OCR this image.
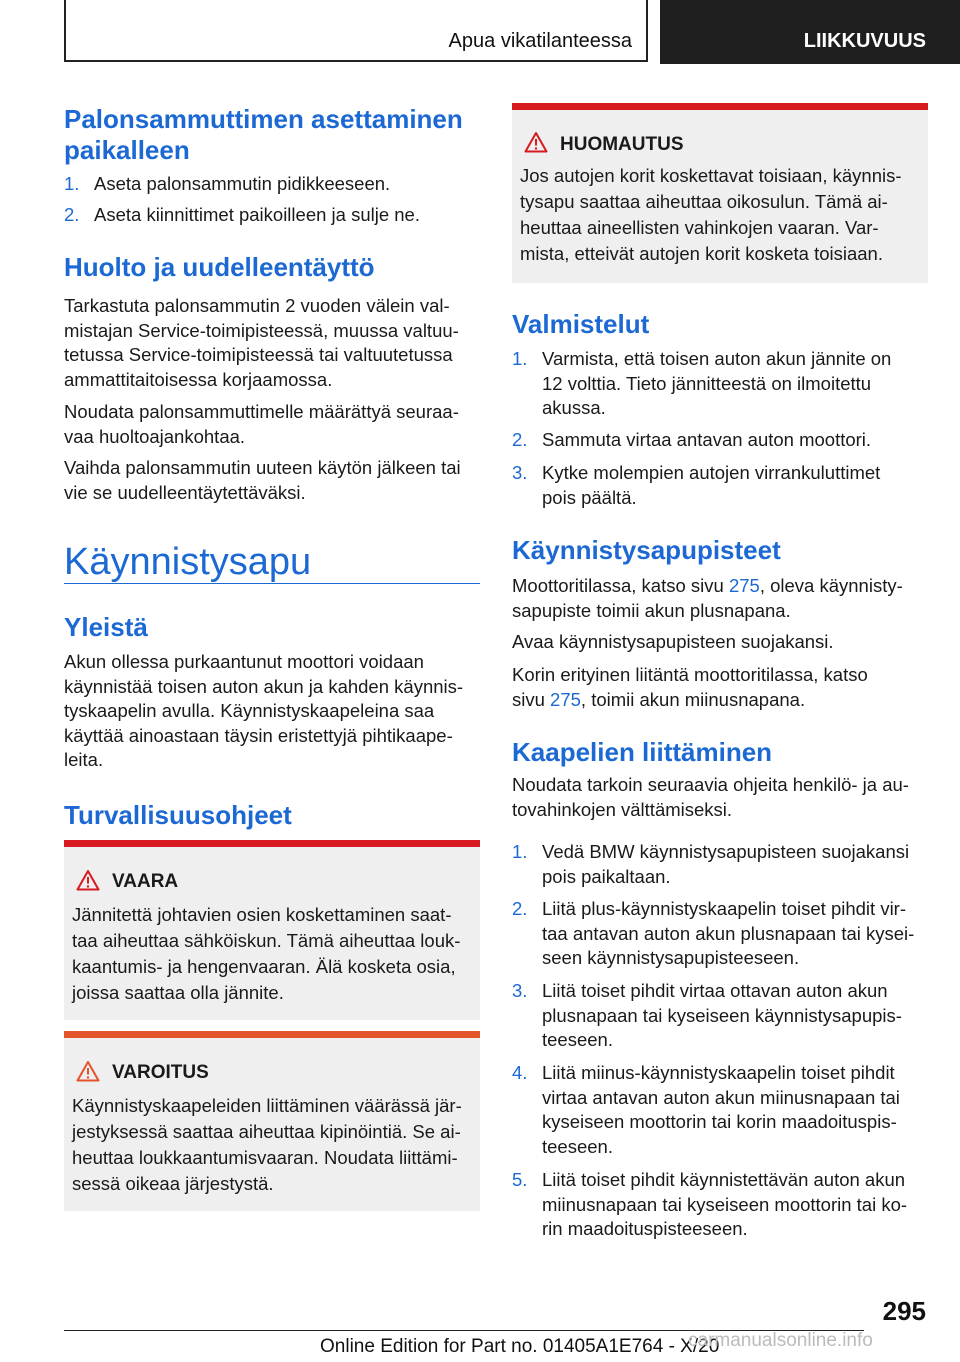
Apua vikatilanteessa	LIIKKUVUUS
Palonsammuttimen asettaminen
paikalleen
1. Aseta palonsammutin pidikkeeseen.
2. Aseta kiinnittimet paikoilleen ja sulje ne.
Huolto ja uudelleentäyttö
Tarkastuta palonsammutin 2 vuoden välein val-
mistajan Service-toimipisteessä, muussa valtuu-
tetussa Service-toimipisteessä tai valtuutetussa
ammattitaitoisessa korjaamossa.
Noudata palonsammuttimelle määrättyä seuraa-
vaa huoltoajankohtaa.
Vaihda palonsammutin uuteen käytön jälkeen tai
vie se uudelleentäytettäväksi.
Käynnistysapu
Yleistä
Akun ollessa purkaantunut moottori voidaan
käynnistää toisen auton akun ja kahden käynnis-
tyskaapelin avulla. Käynnistyskaapeleina saa
käyttää ainoastaan täysin eristettyjä pihtikaape-
leita.
Turvallisuusohjeet
VAARA
Jännitettä johtavien osien koskettaminen saat-
taa aiheuttaa sähköiskun. Tämä aiheuttaa louk-
kaantumis- ja hengenvaaran. Älä kosketa osia,
joissa saattaa olla jännite.
VAROITUS
Käynnistyskaapeleiden liittäminen väärässä jär-
jestyksessä saattaa aiheuttaa kipinöintiä. Se ai-
heuttaa loukkaantumisvaaran. Noudata liittämi-
sessä oikeaa järjestystä.
HUOMAUTUS
Jos autojen korit koskettavat toisiaan, käynnis-
tysapu saattaa aiheuttaa oikosulun. Tämä ai-
heuttaa aineellisten vahinkojen vaaran. Var-
mista, etteivät autojen korit kosketa toisiaan.
Valmistelut
1. Varmista, että toisen auton akun jännite on
12 volttia. Tieto jännitteestä on ilmoitettu
akussa.
2. Sammuta virtaa antavan auton moottori.
3. Kytke molempien autojen virrankuluttimet
pois päältä.
Käynnistysapupisteet
Moottoritilassa, katso sivu 275, oleva käynnisty-
sapupiste toimii akun plusnapana.
Avaa käynnistysapupisteen suojakansi.
Korin erityinen liitäntä moottoritilassa, katso
sivu 275, toimii akun miinusnapana.
Kaapelien liittäminen
Noudata tarkoin seuraavia ohjeita henkilö- ja au-
tovahinkojen välttämiseksi.
1. Vedä BMW käynnistysapupisteen suojakansi
pois paikaltaan.
2. Liitä plus-käynnistyskaapelin toiset pihdit vir-
taa antavan auton akun plusnapaan tai kysei-
seen käynnistysapupisteeseen.
3. Liitä toiset pihdit virtaa ottavan auton akun
plusnapaan tai kyseiseen käynnistysapupis-
teeseen.
4. Liitä miinus-käynnistyskaapelin toiset pihdit
virtaa antavan auton akun miinusnapaan tai
kyseiseen moottorin tai korin maadoituspis-
teeseen.
5. Liitä toiset pihdit käynnistettävän auton akun
miinusnapaan tai kyseiseen moottorin tai ko-
rin maadoituspisteeseen.
295
Online Edition for Part no. 01405A1E764 - X/20
carmanualsonline.info
